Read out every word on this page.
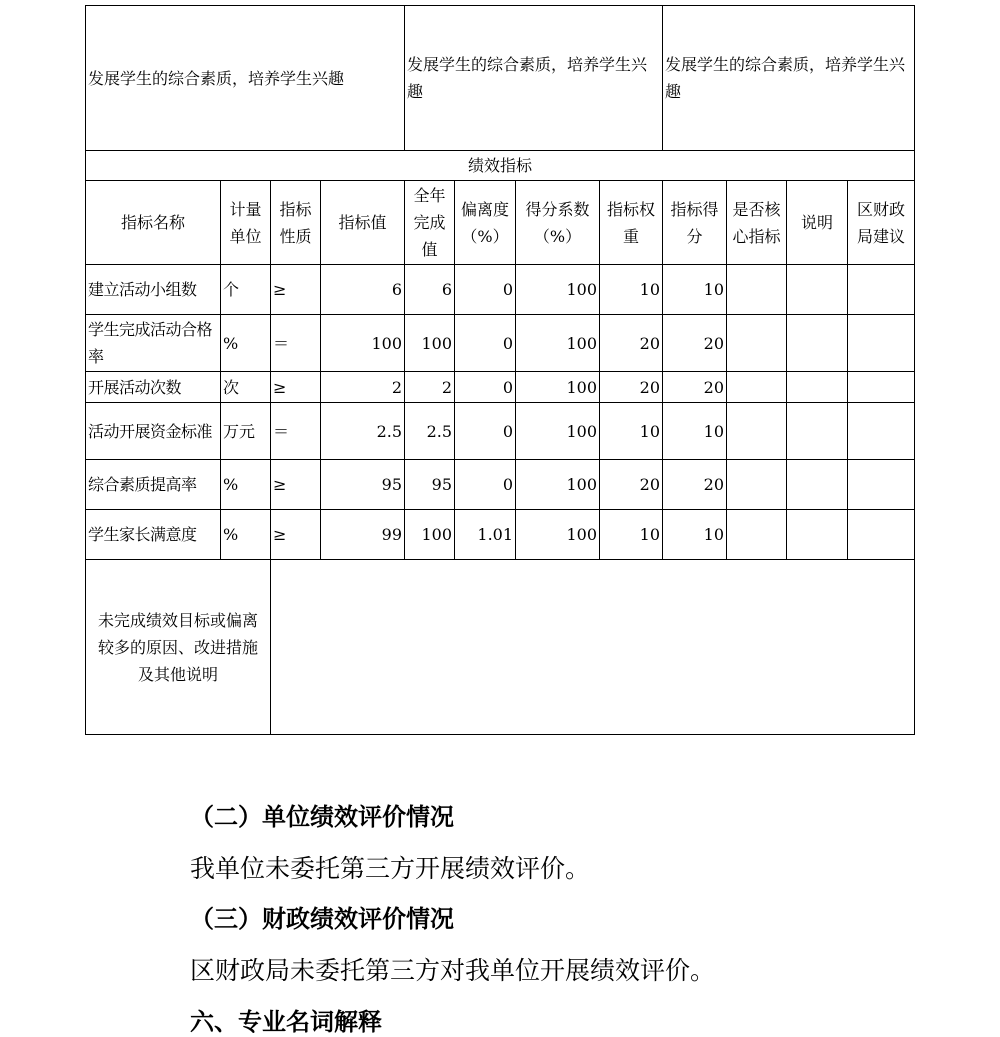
发展学生的综合素质，培养学生兴趣				发展学生的综合素质，培养学生兴趣				发展学生的综合素质，培养学生兴趣			
绩效指标											
指标名称	计量单位	指标性质	指标值	全年完成值	偏离度（%）	得分系数（%）	指标权重	指标得分	是否核心指标	说明	区财政局建议
建立活动小组数	个	≥	6	6	0	100	10	10			
学生完成活动合格率	%	＝	100	100	0	100	20	20			
开展活动次数	次	≥	2	2	0	100	20	20			
活动开展资金标准	万元	＝	2.5	2.5	0	100	10	10			
综合素质提高率	%	≥	95	95	0	100	20	20			
学生家长满意度	%	≥	99	100	1.01	100	10	10			
未完成绩效目标或偏离较多的原因、改进措施及其他说明											

（二）单位绩效评价情况

我单位未委托第三方开展绩效评价。

（三）财政绩效评价情况

区财政局未委托第三方对我单位开展绩效评价。

六、专业名词解释
